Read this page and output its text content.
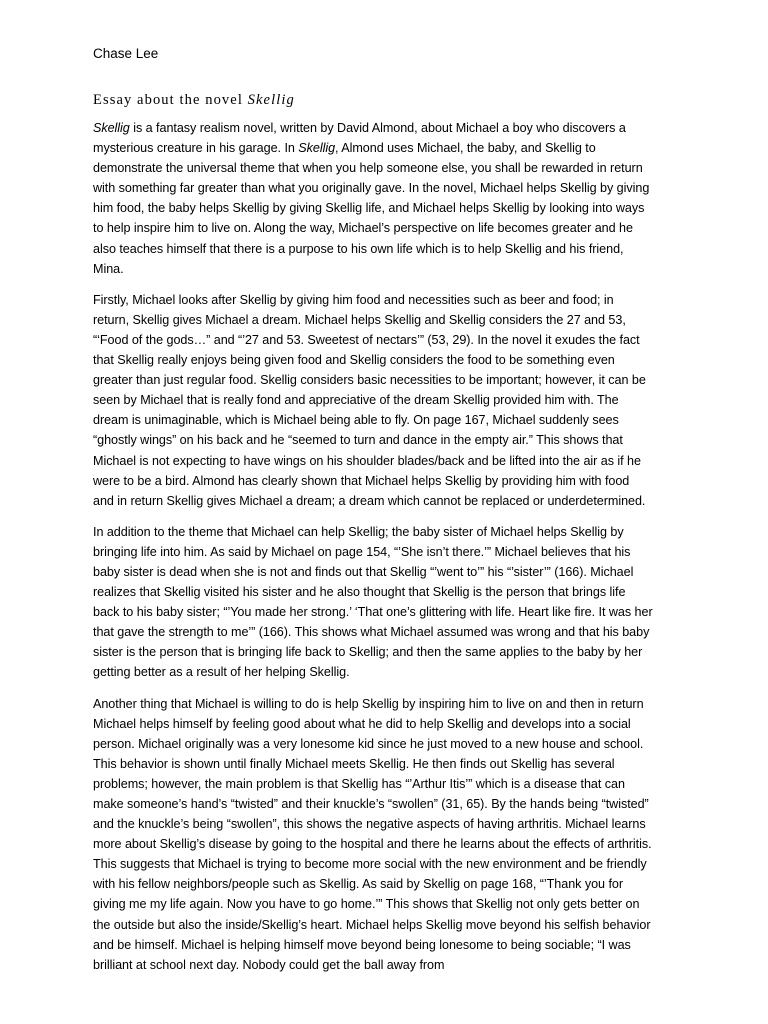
Chase Lee
Essay about the novel Skellig

Skellig is a fantasy realism novel, written by David Almond, about Michael a boy who discovers a mysterious creature in his garage. In Skellig, Almond uses Michael, the baby, and Skellig to demonstrate the universal theme that when you help someone else, you shall be rewarded in return with something far greater than what you originally gave. In the novel, Michael helps Skellig by giving him food, the baby helps Skellig by giving Skellig life, and Michael helps Skellig by looking into ways to help inspire him to live on. Along the way, Michael’s perspective on life becomes greater and he also teaches himself that there is a purpose to his own life which is to help Skellig and his friend, Mina.

Firstly, Michael looks after Skellig by giving him food and necessities such as beer and food; in return, Skellig gives Michael a dream. Michael helps Skellig and Skellig considers the 27 and 53, “‘Food of the gods…” and “’27 and 53. Sweetest of nectars’” (53, 29). In the novel it exudes the fact that Skellig really enjoys being given food and Skellig considers the food to be something even greater than just regular food. Skellig considers basic necessities to be important; however, it can be seen by Michael that is really fond and appreciative of the dream Skellig provided him with. The dream is unimaginable, which is Michael being able to fly. On page 167, Michael suddenly sees “ghostly wings” on his back and he “seemed to turn and dance in the empty air.” This shows that Michael is not expecting to have wings on his shoulder blades/back and be lifted into the air as if he were to be a bird. Almond has clearly shown that Michael helps Skellig by providing him with food and in return Skellig gives Michael a dream; a dream which cannot be replaced or underdetermined.

In addition to the theme that Michael can help Skellig; the baby sister of Michael helps Skellig by bringing life into him. As said by Michael on page 154, “’She isn’t there.’” Michael believes that his baby sister is dead when she is not and finds out that Skellig “’went to’” his “’sister’” (166). Michael realizes that Skellig visited his sister and he also thought that Skellig is the person that brings life back to his baby sister; “’You made her strong.’ ‘That one’s glittering with life. Heart like fire. It was her that gave the strength to me’” (166). This shows what Michael assumed was wrong and that his baby sister is the person that is bringing life back to Skellig; and then the same applies to the baby by her getting better as a result of her helping Skellig.

Another thing that Michael is willing to do is help Skellig by inspiring him to live on and then in return Michael helps himself by feeling good about what he did to help Skellig and develops into a social person. Michael originally was a very lonesome kid since he just moved to a new house and school. This behavior is shown until finally Michael meets Skellig. He then finds out Skellig has several problems; however, the main problem is that Skellig has “’Arthur Itis’” which is a disease that can make someone’s hand’s “twisted” and their knuckle’s “swollen” (31, 65). By the hands being “twisted” and the knuckle’s being “swollen”, this shows the negative aspects of having arthritis. Michael learns more about Skellig’s disease by going to the hospital and there he learns about the effects of arthritis. This suggests that Michael is trying to become more social with the new environment and be friendly with his fellow neighbors/people such as Skellig. As said by Skellig on page 168, “’Thank you for giving me my life again. Now you have to go home.’” This shows that Skellig not only gets better on the outside but also the inside/Skellig’s heart. Michael helps Skellig move beyond his selfish behavior and be himself. Michael is helping himself move beyond being lonesome to being sociable; “I was brilliant at school next day. Nobody could get the ball away from
